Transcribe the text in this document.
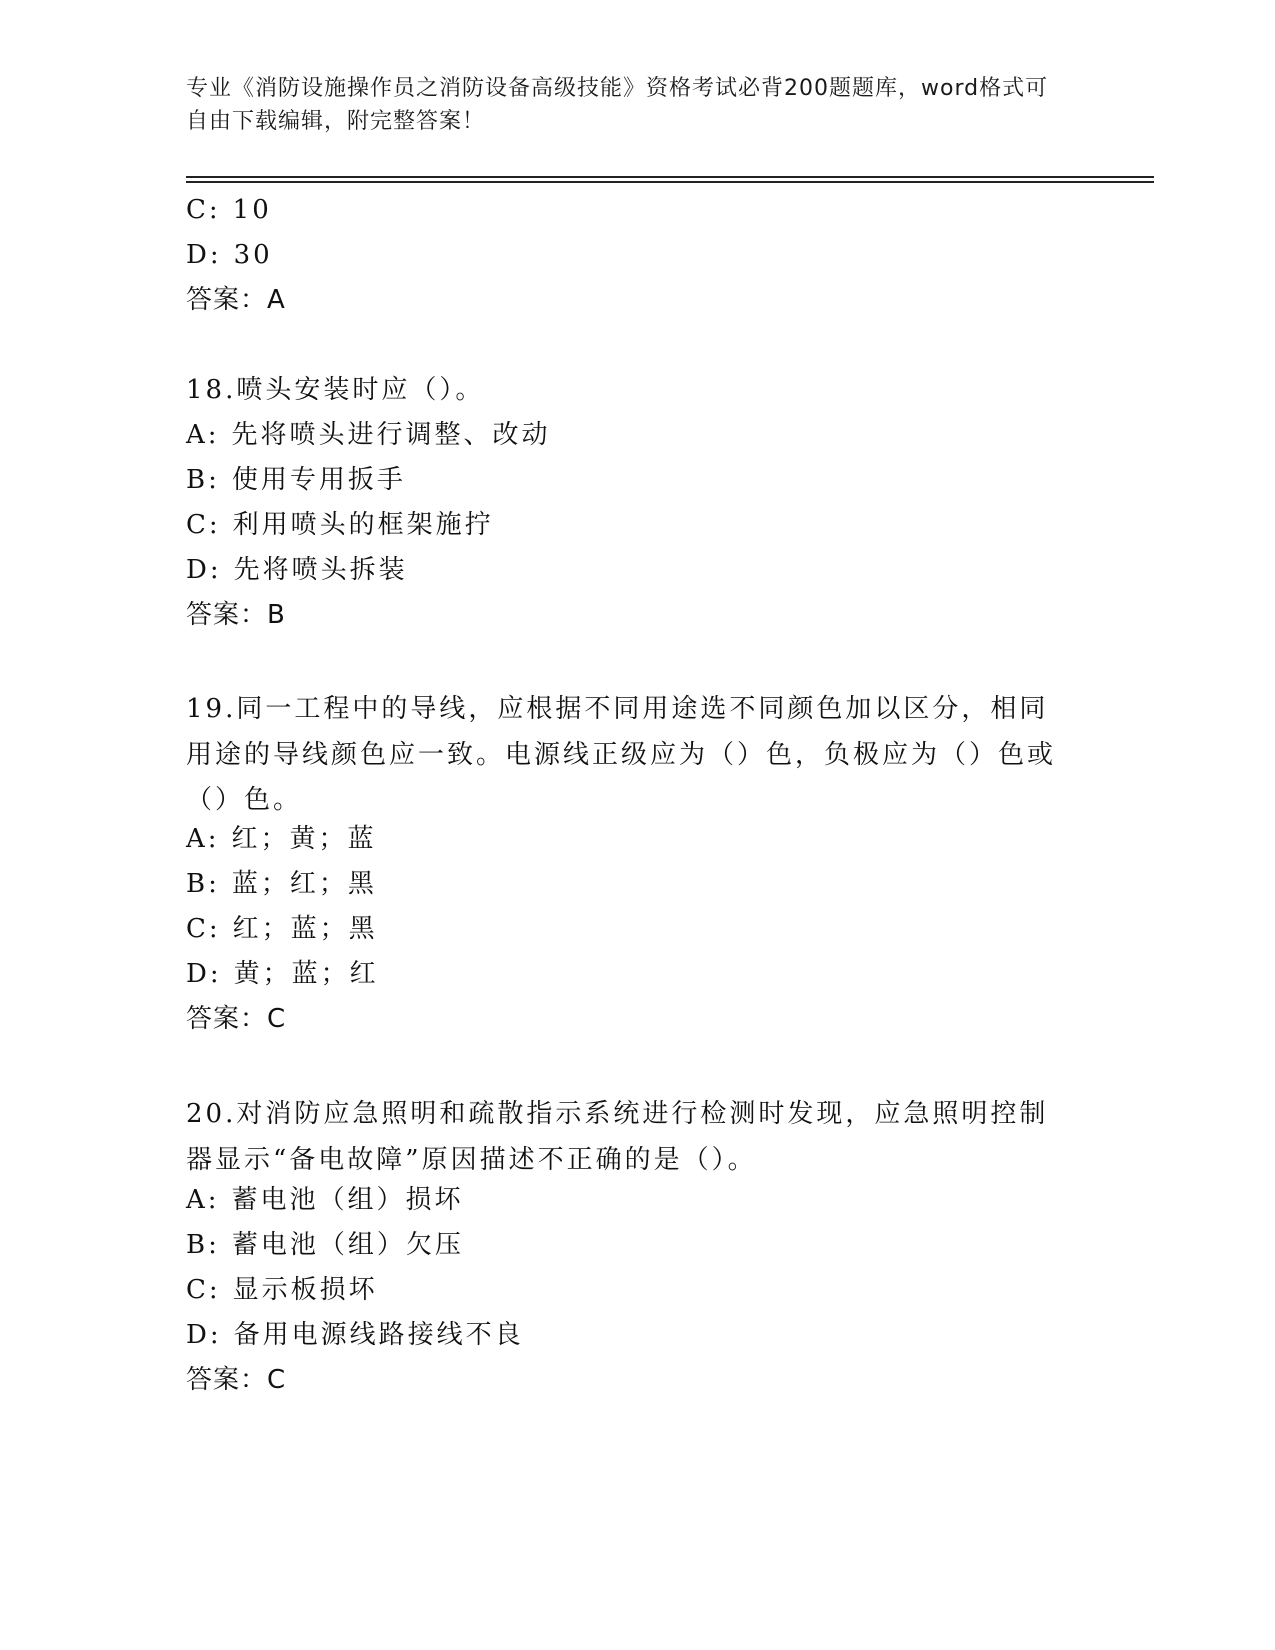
专业《消防设施操作员之消防设备高级技能》资格考试必背200题题库，word格式可自由下载编辑，附完整答案！
C: 10
D: 30
答案：A
18.喷头安装时应（）。
A: 先将喷头进行调整、改动
B: 使用专用扳手
C: 利用喷头的框架施拧
D: 先将喷头拆装
答案：B
19.同一工程中的导线，应根据不同用途选不同颜色加以区分，相同用途的导线颜色应一致。电源线正级应为（）色，负极应为（）色或（）色。
A: 红；黄；蓝
B: 蓝；红；黑
C: 红；蓝；黑
D: 黄；蓝；红
答案：C
20.对消防应急照明和疏散指示系统进行检测时发现，应急照明控制器显示“备电故障”原因描述不正确的是（）。
A: 蓄电池（组）损坏
B: 蓄电池（组）欠压
C: 显示板损坏
D: 备用电源线路接线不良
答案：C
